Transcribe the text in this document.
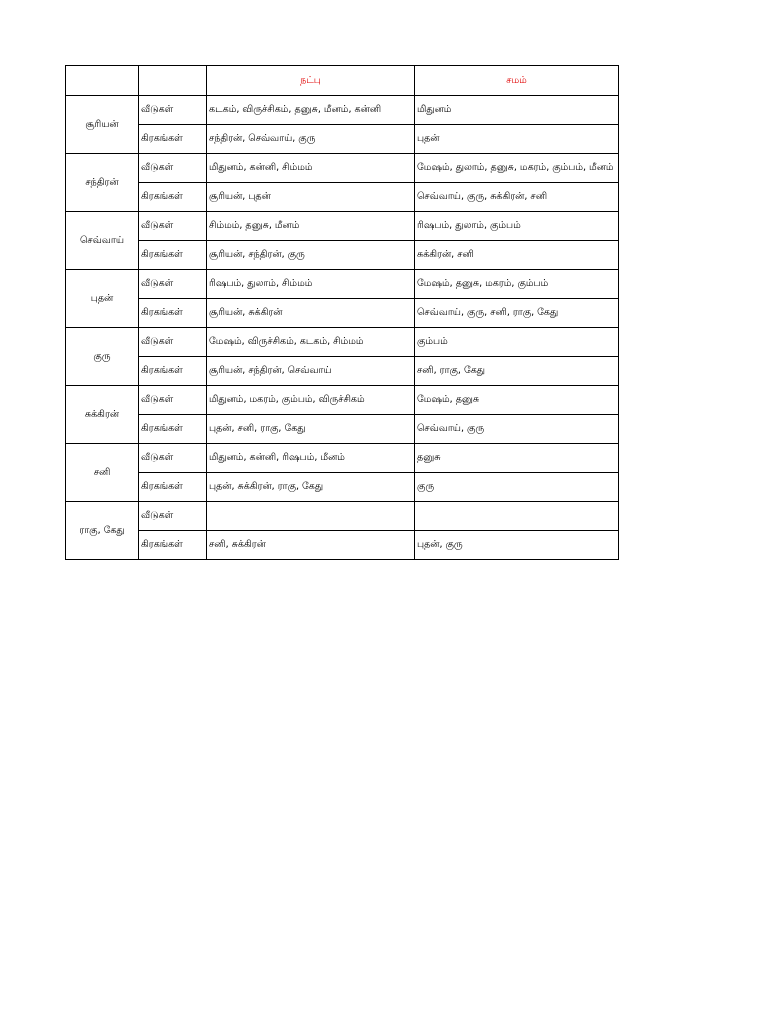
		நட்பு	சமம்
சூரியன்	வீடுகள்	கடகம், விருச்சிகம், தனுசு, மீனம், கன்னி	மிதுனம்
	கிரகங்கள்	சந்திரன், செவ்வாய், குரு	புதன்
சந்திரன்	வீடுகள்	மிதுனம், கன்னி, சிம்மம்	மேஷம், துலாம், தனுசு, மகரம், கும்பம், மீனம்
	கிரகங்கள்	சூரியன், புதன்	செவ்வாய், குரு, சுக்கிரன், சனி
செவ்வாய்	வீடுகள்	சிம்மம், தனுசு, மீனம்	ரிஷபம், துலாம், கும்பம்
	கிரகங்கள்	சூரியன், சந்திரன், குரு	சுக்கிரன், சனி
புதன்	வீடுகள்	ரிஷபம், துலாம், சிம்மம்	மேஷம், தனுசு, மகரம், கும்பம்
	கிரகங்கள்	சூரியன், சுக்கிரன்	செவ்வாய், குரு, சனி, ராகு, கேது
குரு	வீடுகள்	மேஷம், விருச்சிகம், கடகம், சிம்மம்	கும்பம்
	கிரகங்கள்	சூரியன், சந்திரன், செவ்வாய்	சனி, ராகு, கேது
சுக்கிரன்	வீடுகள்	மிதுனம், மகரம், கும்பம், விருச்சிகம்	மேஷம், தனுசு
	கிரகங்கள்	புதன், சனி, ராகு, கேது	செவ்வாய், குரு
சனி	வீடுகள்	மிதுனம், கன்னி, ரிஷபம், மீனம்	தனுசு
	கிரகங்கள்	புதன், சுக்கிரன், ராகு, கேது	குரு
ராகு, கேது	வீடுகள்		
	கிரகங்கள்	சனி, சுக்கிரன்	புதன், குரு
